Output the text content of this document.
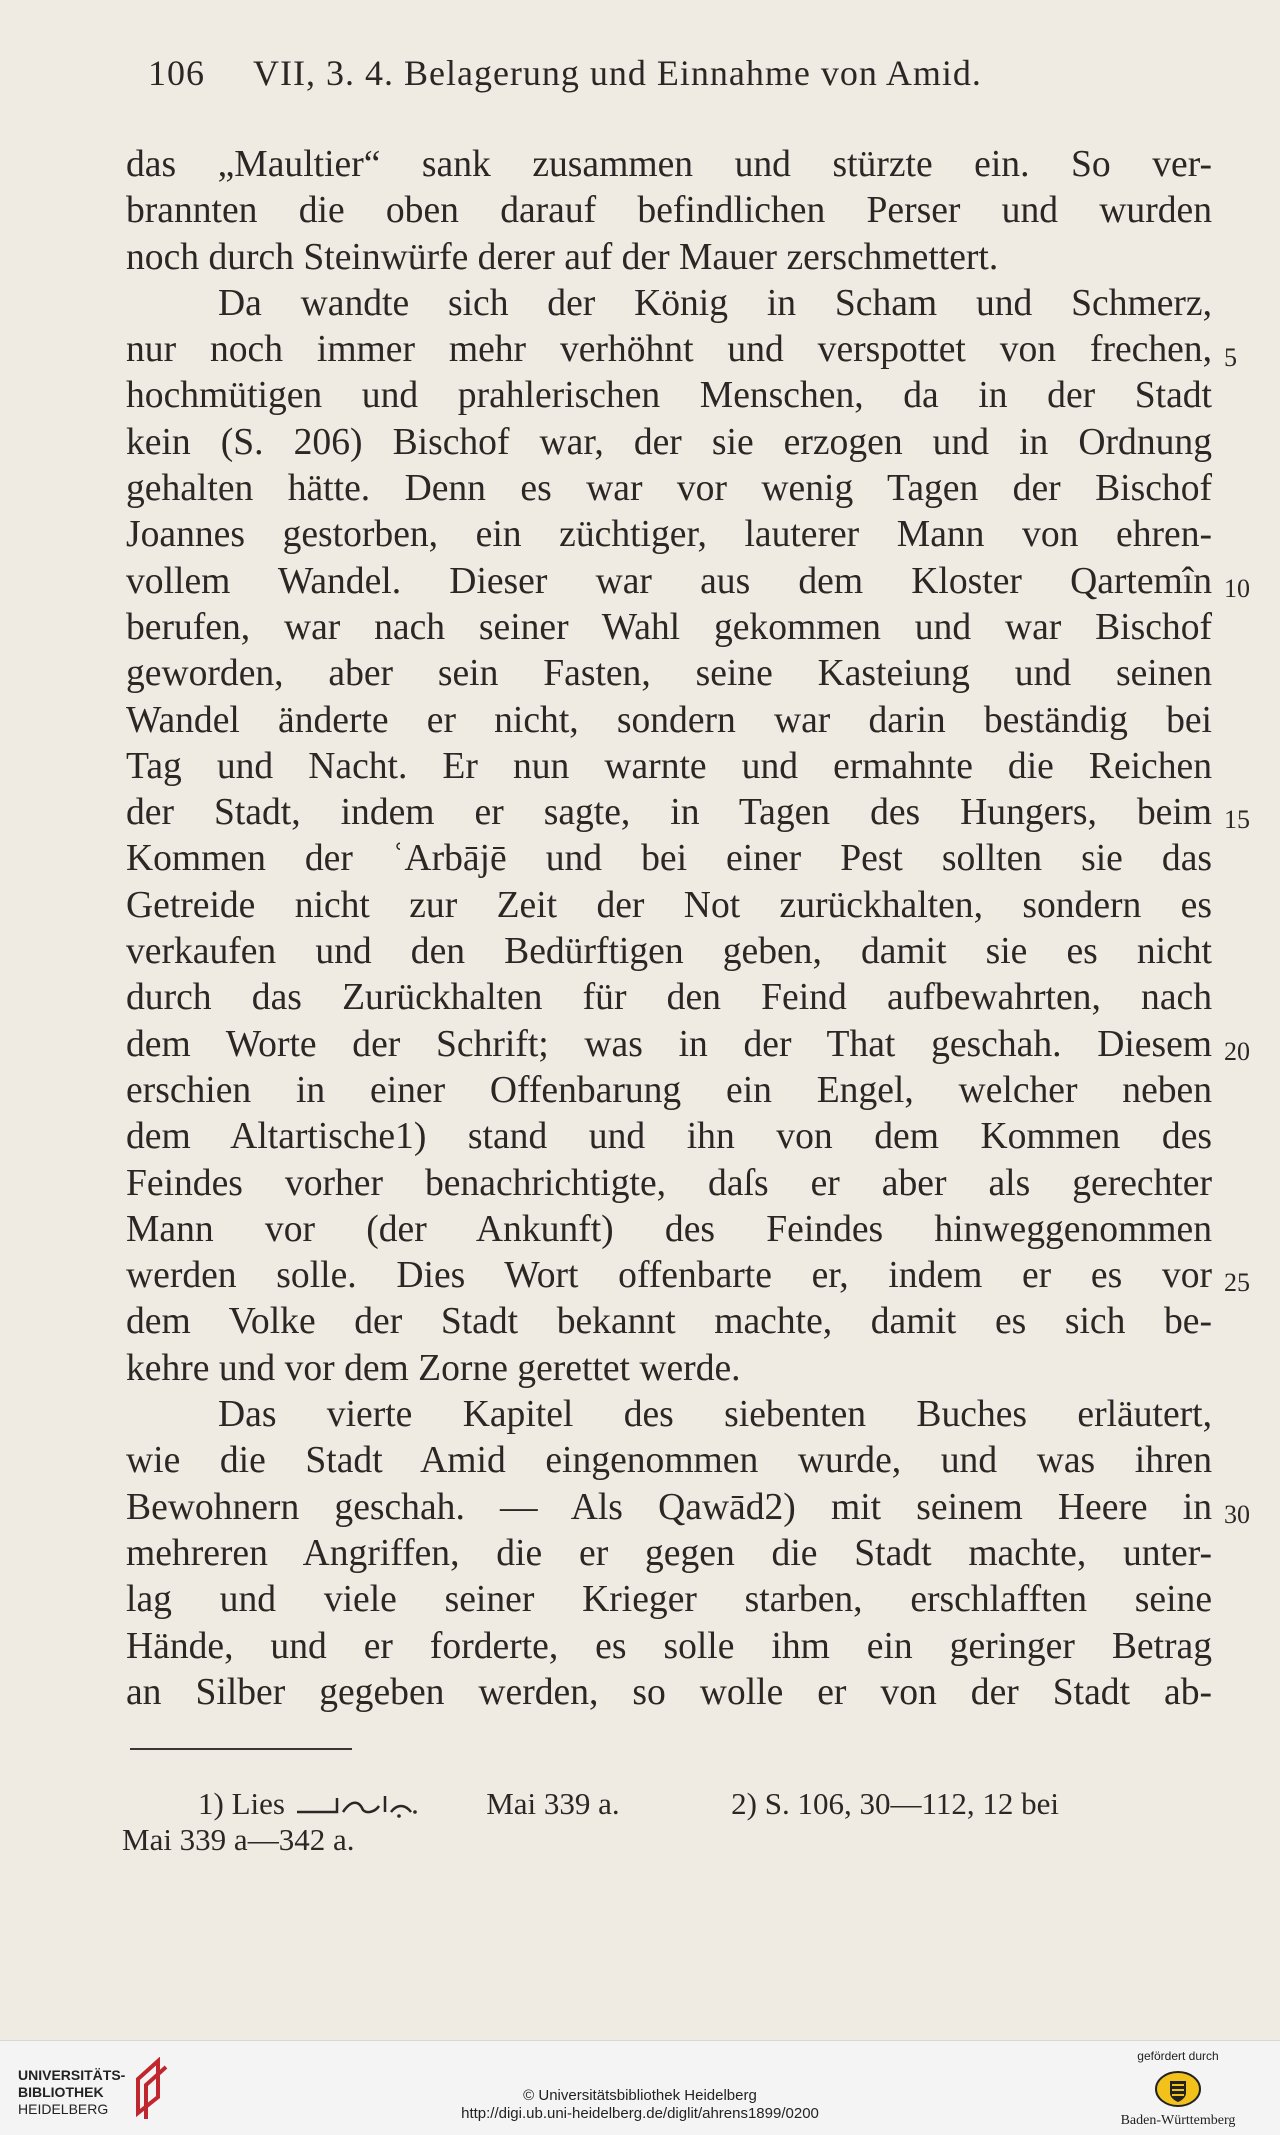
106 VII, 3. 4. Belagerung und Einnahme von Amid.
das „Maultier“ sank zusammen und stürzte ein. So ver-
brannten die oben darauf befindlichen Perser und wurden
noch durch Steinwürfe derer auf der Mauer zerschmettert.
Da wandte sich der König in Scham und Schmerz,
nur noch immer mehr verhöhnt und verspottet von frechen,
hochmütigen und prahlerischen Menschen, da in der Stadt
kein (S. 206) Bischof war, der sie erzogen und in Ordnung
gehalten hätte. Denn es war vor wenig Tagen der Bischof
Joannes gestorben, ein züchtiger, lauterer Mann von ehren-
vollem Wandel. Dieser war aus dem Kloster Qartemîn
berufen, war nach seiner Wahl gekommen und war Bischof
geworden, aber sein Fasten, seine Kasteiung und seinen
Wandel änderte er nicht, sondern war darin beständig bei
Tag und Nacht. Er nun warnte und ermahnte die Reichen
der Stadt, indem er sagte, in Tagen des Hungers, beim
Kommen der ʿArbājē und bei einer Pest sollten sie das
Getreide nicht zur Zeit der Not zurückhalten, sondern es
verkaufen und den Bedürftigen geben, damit sie es nicht
durch das Zurückhalten für den Feind aufbewahrten, nach
dem Worte der Schrift; was in der That geschah. Diesem
erschien in einer Offenbarung ein Engel, welcher neben
dem Altartische1) stand und ihn von dem Kommen des
Feindes vorher benachrichtigte, daſs er aber als gerechter
Mann vor (der Ankunft) des Feindes hinweggenommen
werden solle. Dies Wort offenbarte er, indem er es vor
dem Volke der Stadt bekannt machte, damit es sich be-
kehre und vor dem Zorne gerettet werde.
Das vierte Kapitel des siebenten Buches erläutert,
wie die Stadt Amid eingenommen wurde, und was ihren
Bewohnern geschah. — Als Qawād2) mit seinem Heere in
mehreren Angriffen, die er gegen die Stadt machte, unter-
lag und viele seiner Krieger starben, erschlafften seine
Hände, und er forderte, es solle ihm ein geringer Betrag
an Silber gegeben werden, so wolle er von der Stadt ab-
5
10
15
20
25
30
1) Lies	Mai 339 a.	2) S. 106, 30—112, 12 bei
Mai 339 a—342 a.
UNIVERSITÄTS-
BIBLIOTHEK
HEIDELBERG
© Universitätsbibliothek Heidelberg
http://digi.ub.uni-heidelberg.de/diglit/ahrens1899/0200
gefördert durch
Baden-Württemberg
